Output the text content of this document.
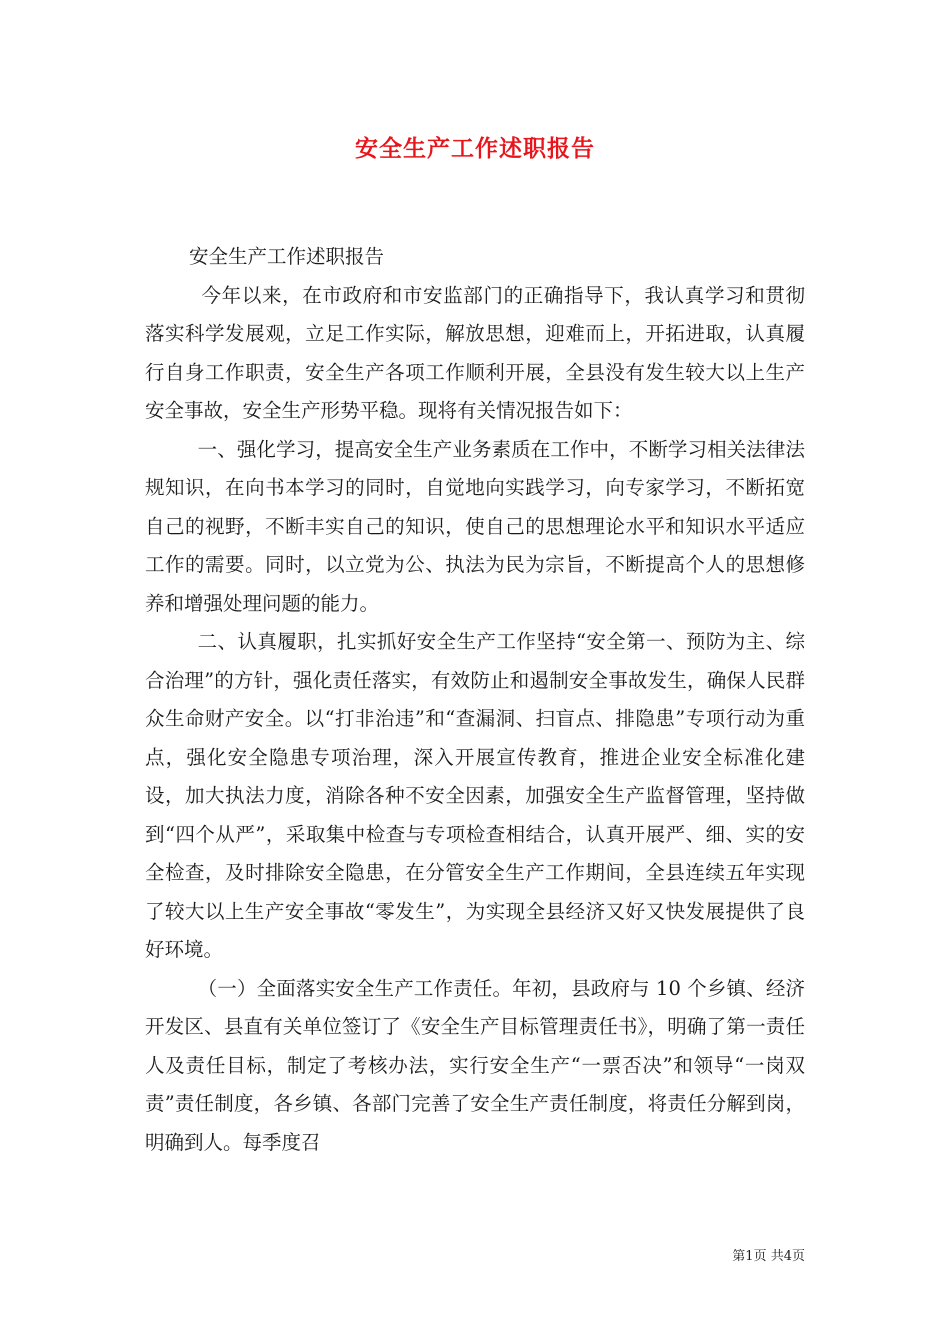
安全生产工作述职报告

安全生产工作述职报告

今年以来，在市政府和市安监部门的正确指导下，我认真学习和贯彻落实科学发展观，立足工作实际，解放思想，迎难而上，开拓进取，认真履行自身工作职责，安全生产各项工作顺利开展，全县没有发生较大以上生产安全事故，安全生产形势平稳。现将有关情况报告如下：

一、强化学习，提高安全生产业务素质在工作中，不断学习相关法律法规知识，在向书本学习的同时，自觉地向实践学习，向专家学习，不断拓宽自己的视野，不断丰实自己的知识，使自己的思想理论水平和知识水平适应工作的需要。同时，以立党为公、执法为民为宗旨，不断提高个人的思想修养和增强处理问题的能力。

二、认真履职，扎实抓好安全生产工作坚持“安全第一、预防为主、综合治理”的方针，强化责任落实，有效防止和遏制安全事故发生，确保人民群众生命财产安全。以“打非治违”和“查漏洞、扫盲点、排隐患”专项行动为重点，强化安全隐患专项治理，深入开展宣传教育，推进企业安全标准化建设，加大执法力度，消除各种不安全因素，加强安全生产监督管理，坚持做到“四个从严”，采取集中检查与专项检查相结合，认真开展严、细、实的安全检查，及时排除安全隐患，在分管安全生产工作期间，全县连续五年实现了较大以上生产安全事故“零发生”，为实现全县经济又好又快发展提供了良好环境。

（一）全面落实安全生产工作责任。年初，县政府与 10 个乡镇、经济开发区、县直有关单位签订了《安全生产目标管理责任书》，明确了第一责任人及责任目标，制定了考核办法，实行安全生产“一票否决”和领导“一岗双责”责任制度，各乡镇、各部门完善了安全生产责任制度，将责任分解到岗，明确到人。每季度召

第1页 共4页
